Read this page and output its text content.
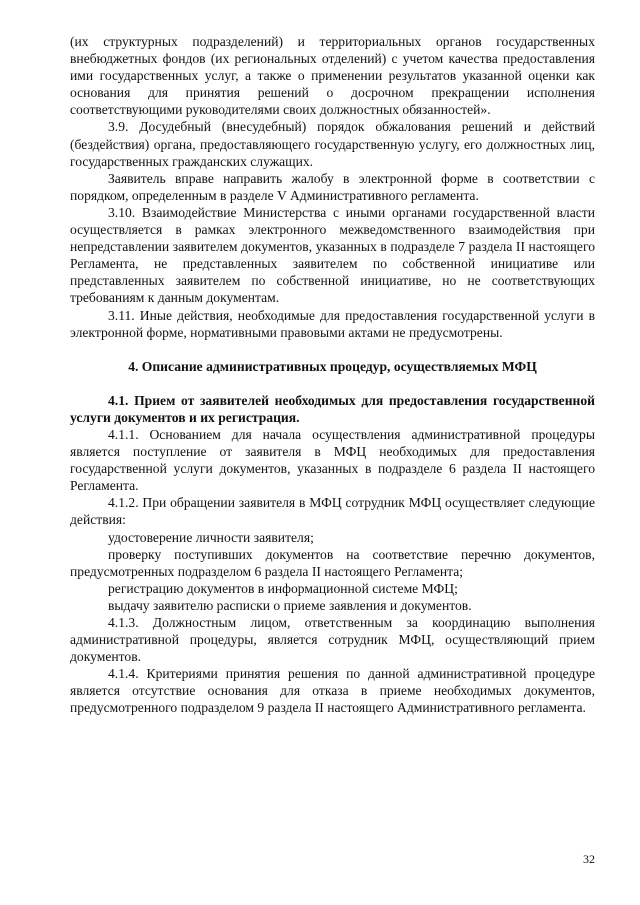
(их структурных подразделений) и территориальных органов государственных внебюджетных фондов (их региональных отделений) с учетом качества предоставления ими государственных услуг, а также о применении результатов указанной оценки как основания для принятия решений о досрочном прекращении исполнения соответствующими руководителями своих должностных обязанностей».

3.9. Досудебный (внесудебный) порядок обжалования решений и действий (бездействия) органа, предоставляющего государственную услугу, его должностных лиц, государственных гражданских служащих.

Заявитель вправе направить жалобу в электронной форме в соответствии с порядком, определенным в разделе V Административного регламента.

3.10. Взаимодействие Министерства с иными органами государственной власти осуществляется в рамках электронного межведомственного взаимодействия при непредставлении заявителем документов, указанных в подразделе 7 раздела II настоящего Регламента, не представленных заявителем по собственной инициативе или представленных заявителем по собственной инициативе, но не соответствующих требованиям к данным документам.

3.11. Иные действия, необходимые для предоставления государственной услуги в электронной форме, нормативными правовыми актами не предусмотрены.

4. Описание административных процедур, осуществляемых МФЦ

4.1. Прием от заявителей необходимых для предоставления государственной услуги документов и их регистрация.

4.1.1. Основанием для начала осуществления административной процедуры является поступление от заявителя в МФЦ необходимых для предоставления государственной услуги документов, указанных в подразделе 6 раздела II настоящего Регламента.

4.1.2. При обращении заявителя в МФЦ сотрудник МФЦ осуществляет следующие действия:

удостоверение личности заявителя;

проверку поступивших документов на соответствие перечню документов, предусмотренных подразделом 6 раздела II настоящего Регламента;

регистрацию документов в информационной системе МФЦ;

выдачу заявителю расписки о приеме заявления и документов.

4.1.3. Должностным лицом, ответственным за координацию выполнения административной процедуры, является сотрудник МФЦ, осуществляющий прием документов.

4.1.4. Критериями принятия решения по данной административной процедуре является отсутствие основания для отказа в приеме необходимых документов, предусмотренного подразделом 9 раздела II настоящего Административного регламента.

32
